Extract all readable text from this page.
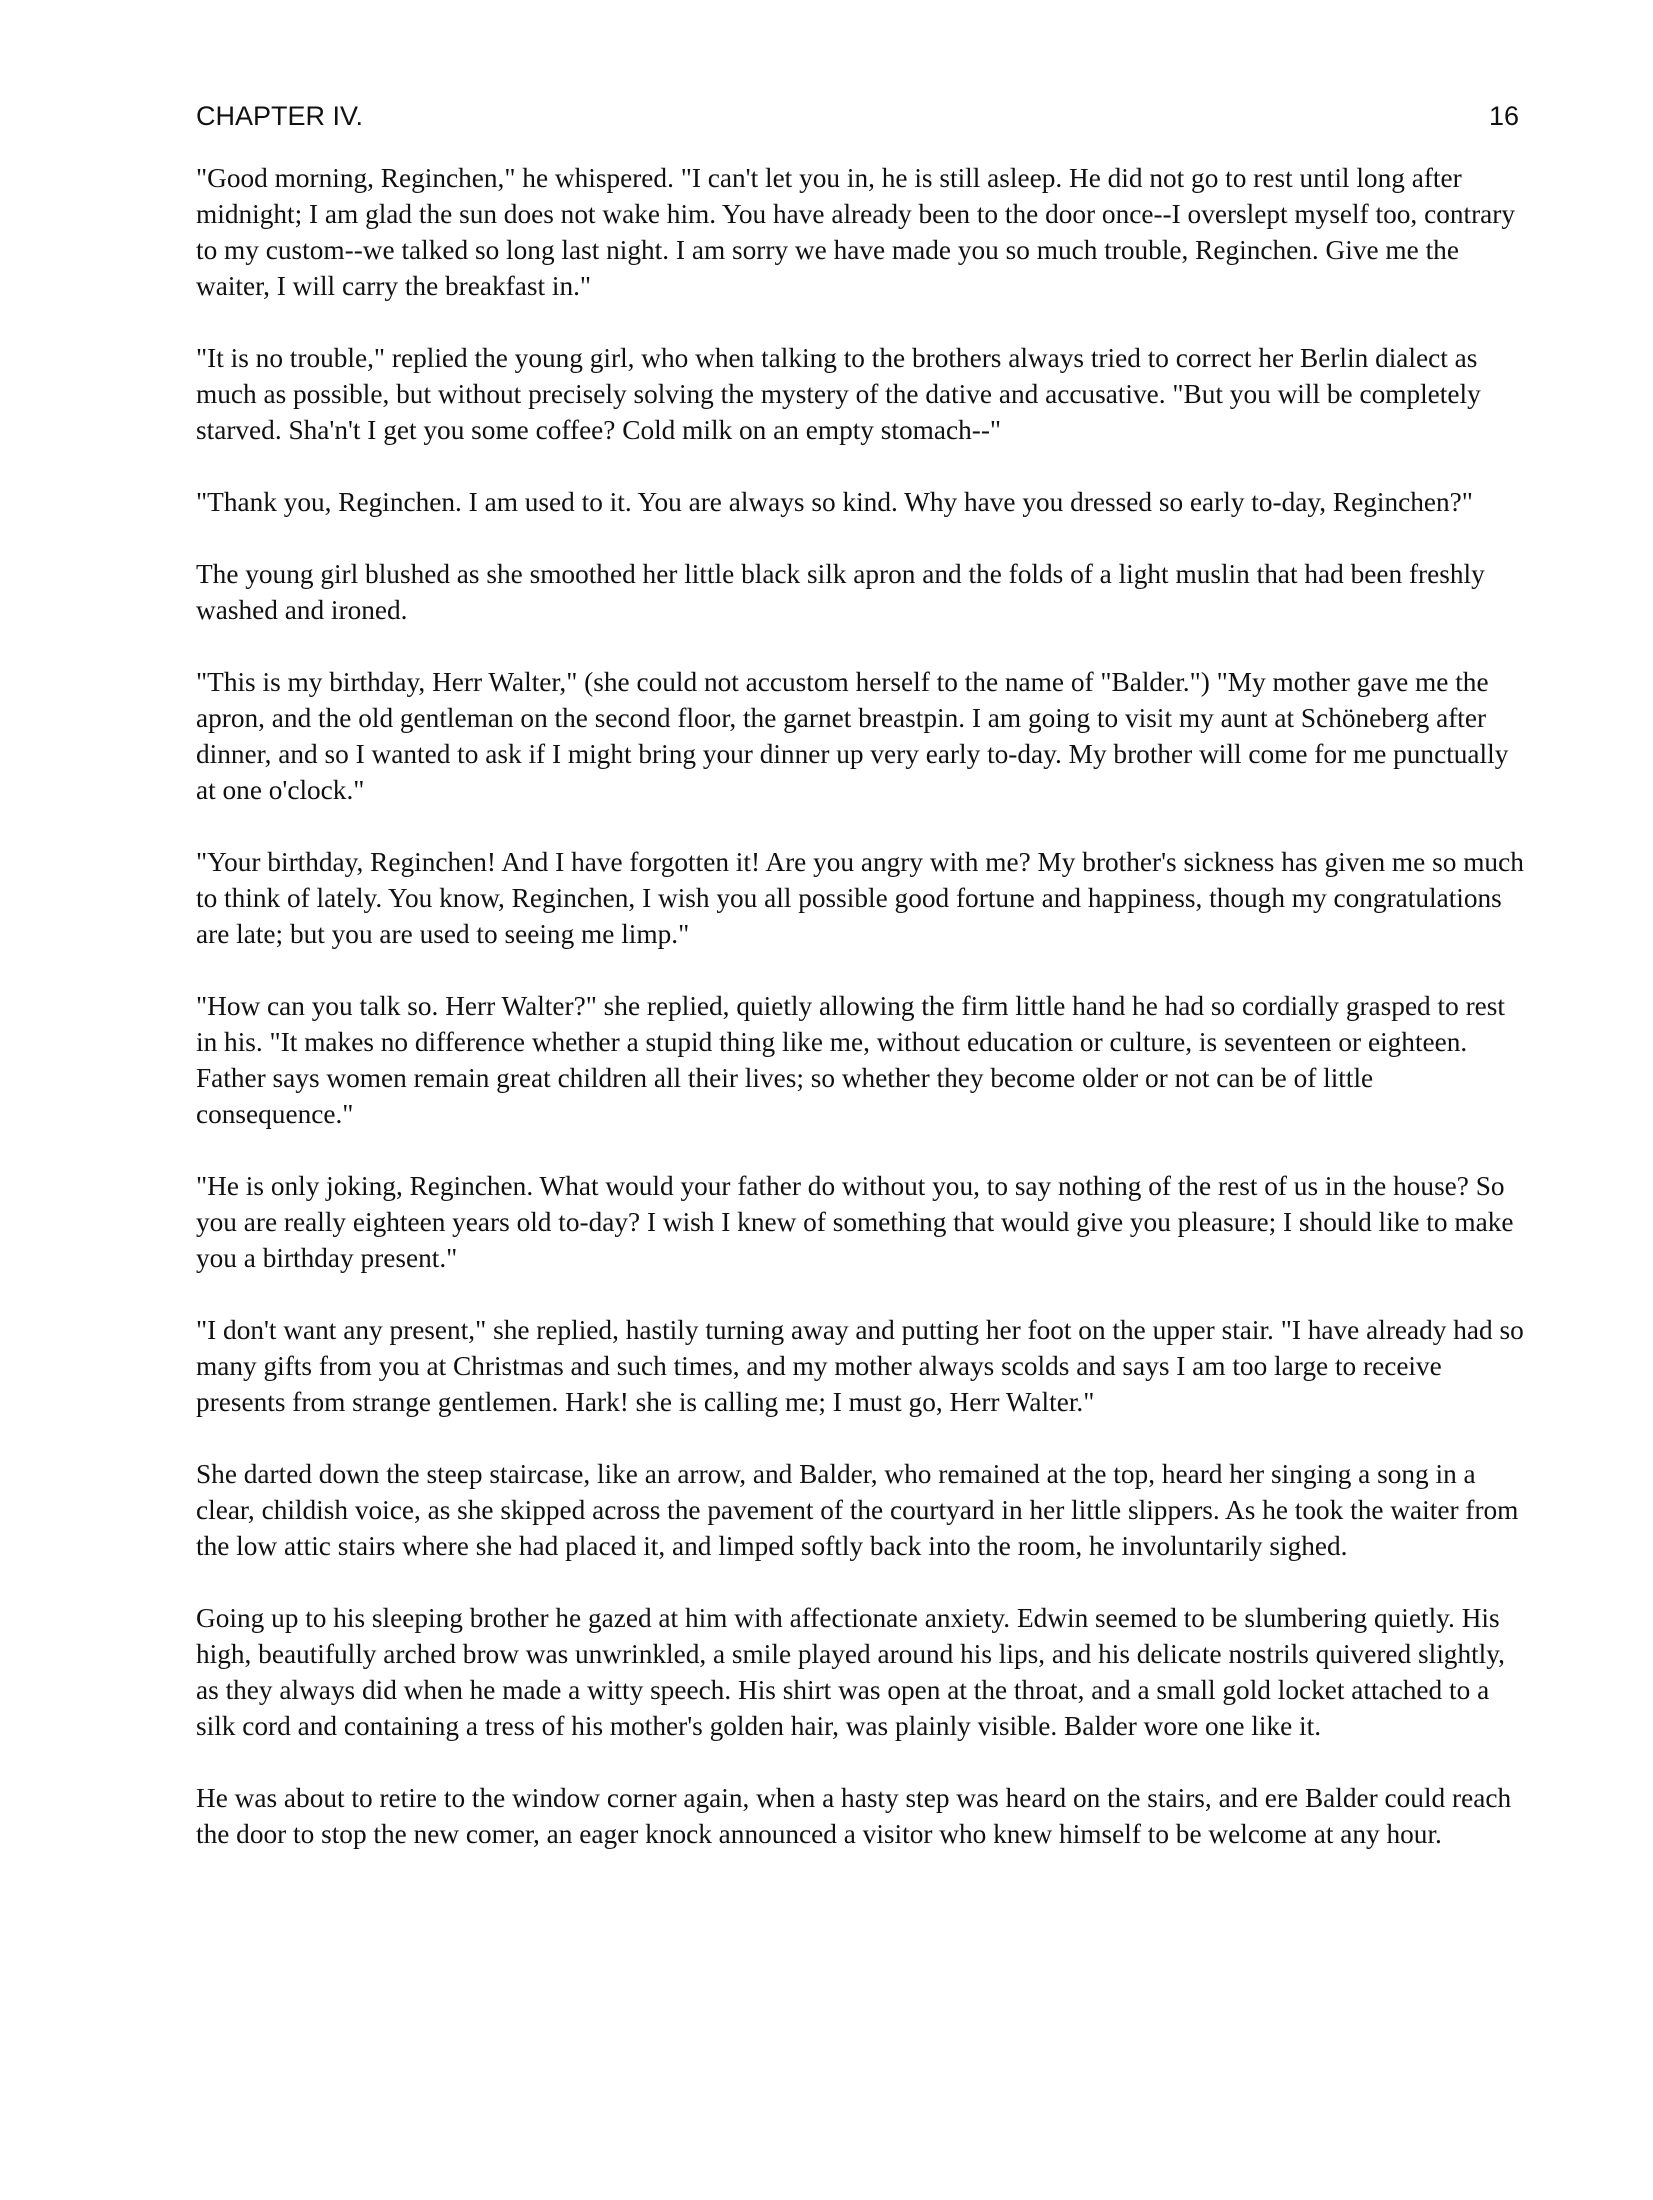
CHAPTER IV.	16

"Good morning, Reginchen," he whispered. "I can't let you in, he is still asleep. He did not go to rest until long after midnight; I am glad the sun does not wake him. You have already been to the door once--I overslept myself too, contrary to my custom--we talked so long last night. I am sorry we have made you so much trouble, Reginchen. Give me the waiter, I will carry the breakfast in."

"It is no trouble," replied the young girl, who when talking to the brothers always tried to correct her Berlin dialect as much as possible, but without precisely solving the mystery of the dative and accusative. "But you will be completely starved. Sha'n't I get you some coffee? Cold milk on an empty stomach--"

"Thank you, Reginchen. I am used to it. You are always so kind. Why have you dressed so early to-day, Reginchen?"

The young girl blushed as she smoothed her little black silk apron and the folds of a light muslin that had been freshly washed and ironed.

"This is my birthday, Herr Walter," (she could not accustom herself to the name of "Balder.") "My mother gave me the apron, and the old gentleman on the second floor, the garnet breastpin. I am going to visit my aunt at Schöneberg after dinner, and so I wanted to ask if I might bring your dinner up very early to-day. My brother will come for me punctually at one o'clock."

"Your birthday, Reginchen! And I have forgotten it! Are you angry with me? My brother's sickness has given me so much to think of lately. You know, Reginchen, I wish you all possible good fortune and happiness, though my congratulations are late; but you are used to seeing me limp."

"How can you talk so. Herr Walter?" she replied, quietly allowing the firm little hand he had so cordially grasped to rest in his. "It makes no difference whether a stupid thing like me, without education or culture, is seventeen or eighteen. Father says women remain great children all their lives; so whether they become older or not can be of little consequence."

"He is only joking, Reginchen. What would your father do without you, to say nothing of the rest of us in the house? So you are really eighteen years old to-day? I wish I knew of something that would give you pleasure; I should like to make you a birthday present."

"I don't want any present," she replied, hastily turning away and putting her foot on the upper stair. "I have already had so many gifts from you at Christmas and such times, and my mother always scolds and says I am too large to receive presents from strange gentlemen. Hark! she is calling me; I must go, Herr Walter."

She darted down the steep staircase, like an arrow, and Balder, who remained at the top, heard her singing a song in a clear, childish voice, as she skipped across the pavement of the courtyard in her little slippers. As he took the waiter from the low attic stairs where she had placed it, and limped softly back into the room, he involuntarily sighed.

Going up to his sleeping brother he gazed at him with affectionate anxiety. Edwin seemed to be slumbering quietly. His high, beautifully arched brow was unwrinkled, a smile played around his lips, and his delicate nostrils quivered slightly, as they always did when he made a witty speech. His shirt was open at the throat, and a small gold locket attached to a silk cord and containing a tress of his mother's golden hair, was plainly visible. Balder wore one like it.

He was about to retire to the window corner again, when a hasty step was heard on the stairs, and ere Balder could reach the door to stop the new comer, an eager knock announced a visitor who knew himself to be welcome at any hour.
